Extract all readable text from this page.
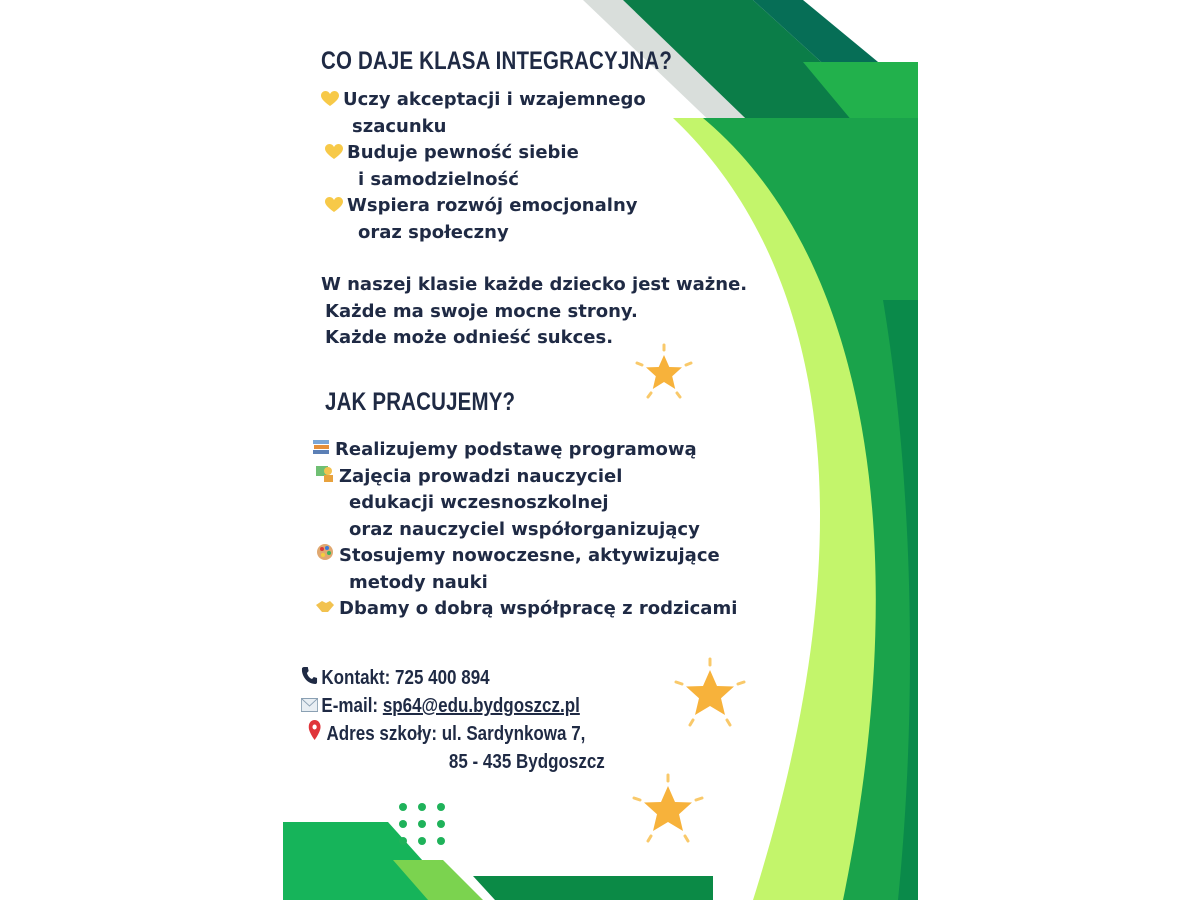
CO DAJE KLASA INTEGRACYJNA?
Uczy akceptacji i wzajemnego
szacunku
Buduje pewność siebie
i samodzielność
Wspiera rozwój emocjonalny
oraz społeczny
W naszej klasie każde dziecko jest ważne.
Każde ma swoje mocne strony.
Każde może odnieść sukces.
JAK PRACUJEMY?
Realizujemy podstawę programową
Zajęcia prowadzi nauczyciel
edukacji wczesnoszkolnej
oraz nauczyciel współorganizujący
Stosujemy nowoczesne, aktywizujące
metody nauki
Dbamy o dobrą współpracę z rodzicami
Kontakt: 725 400 894
E-mail: sp64@edu.bydgoszcz.pl
Adres szkoły: ul. Sardynkowa 7,
85 - 435 Bydgoszcz
